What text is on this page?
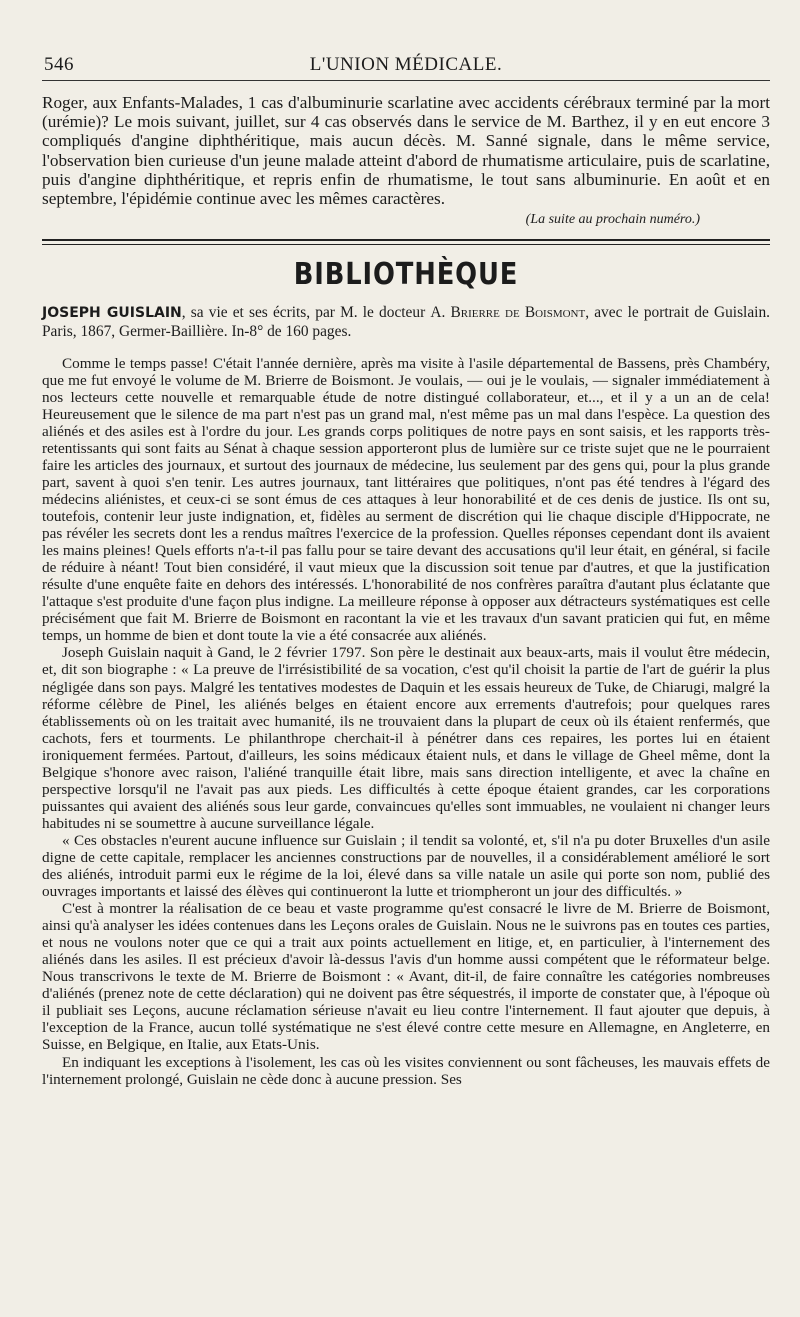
546	L'UNION MÉDICALE.

Roger, aux Enfants-Malades, 1 cas d'albuminurie scarlatine avec accidents cérébraux terminé par la mort (urémie)? Le mois suivant, juillet, sur 4 cas observés dans le service de M. Barthez, il y en eut encore 3 compliqués d'angine diphthéritique, mais aucun décès. M. Sanné signale, dans le même service, l'observation bien curieuse d'un jeune malade atteint d'abord de rhumatisme articulaire, puis de scarlatine, puis d'angine diphthéritique, et repris enfin de rhumatisme, le tout sans albuminurie. En août et en septembre, l'épidémie continue avec les mêmes caractères.

(La suite au prochain numéro.)
BIBLIOTHÈQUE

JOSEPH GUISLAIN, sa vie et ses écrits, par M. le docteur A. Brierre de Boismont, avec le portrait de Guislain. Paris, 1867, Germer-Baillière. In-8° de 160 pages.

Comme le temps passe! C'était l'année dernière, après ma visite à l'asile départemental de Bassens, près Chambéry, que me fut envoyé le volume de M. Brierre de Boismont. Je voulais, — oui je le voulais, — signaler immédiatement à nos lecteurs cette nouvelle et remarquable étude de notre distingué collaborateur, et..., et il y a un an de cela! Heureusement que le silence de ma part n'est pas un grand mal, n'est même pas un mal dans l'espèce. La question des aliénés et des asiles est à l'ordre du jour. Les grands corps politiques de notre pays en sont saisis, et les rapports très-retentissants qui sont faits au Sénat à chaque session apporteront plus de lumière sur ce triste sujet que ne le pourraient faire les articles des journaux, et surtout des journaux de médecine, lus seulement par des gens qui, pour la plus grande part, savent à quoi s'en tenir. Les autres journaux, tant littéraires que politiques, n'ont pas été tendres à l'égard des médecins aliénistes, et ceux-ci se sont émus de ces attaques à leur honorabilité et de ces denis de justice. Ils ont su, toutefois, contenir leur juste indignation, et, fidèles au serment de discrétion qui lie chaque disciple d'Hippocrate, ne pas révéler les secrets dont les a rendus maîtres l'exercice de la profession. Quelles réponses cependant dont ils avaient les mains pleines! Quels efforts n'a-t-il pas fallu pour se taire devant des accusations qu'il leur était, en général, si facile de réduire à néant! Tout bien considéré, il vaut mieux que la discussion soit tenue par d'autres, et que la justification résulte d'une enquête faite en dehors des intéressés. L'honorabilité de nos confrères paraîtra d'autant plus éclatante que l'attaque s'est produite d'une façon plus indigne. La meilleure réponse à opposer aux détracteurs systématiques est celle précisément que fait M. Brierre de Boismont en racontant la vie et les travaux d'un savant praticien qui fut, en même temps, un homme de bien et dont toute la vie a été consacrée aux aliénés.

Joseph Guislain naquit à Gand, le 2 février 1797. Son père le destinait aux beaux-arts, mais il voulut être médecin, et, dit son biographe : « La preuve de l'irrésistibilité de sa vocation, c'est qu'il choisit la partie de l'art de guérir la plus négligée dans son pays. Malgré les tentatives modestes de Daquin et les essais heureux de Tuke, de Chiarugi, malgré la réforme célèbre de Pinel, les aliénés belges en étaient encore aux errements d'autrefois; pour quelques rares établissements où on les traitait avec humanité, ils ne trouvaient dans la plupart de ceux où ils étaient renfermés, que cachots, fers et tourments. Le philanthrope cherchait-il à pénétrer dans ces repaires, les portes lui en étaient ironiquement fermées. Partout, d'ailleurs, les soins médicaux étaient nuls, et dans le village de Gheel même, dont la Belgique s'honore avec raison, l'aliéné tranquille était libre, mais sans direction intelligente, et avec la chaîne en perspective lorsqu'il ne l'avait pas aux pieds. Les difficultés à cette époque étaient grandes, car les corporations puissantes qui avaient des aliénés sous leur garde, convaincues qu'elles sont immuables, ne voulaient ni changer leurs habitudes ni se soumettre à aucune surveillance légale.

« Ces obstacles n'eurent aucune influence sur Guislain ; il tendit sa volonté, et, s'il n'a pu doter Bruxelles d'un asile digne de cette capitale, remplacer les anciennes constructions par de nouvelles, il a considérablement amélioré le sort des aliénés, introduit parmi eux le régime de la loi, élevé dans sa ville natale un asile qui porte son nom, publié des ouvrages importants et laissé des élèves qui continueront la lutte et triompheront un jour des difficultés. »

C'est à montrer la réalisation de ce beau et vaste programme qu'est consacré le livre de M. Brierre de Boismont, ainsi qu'à analyser les idées contenues dans les Leçons orales de Guislain. Nous ne le suivrons pas en toutes ces parties, et nous ne voulons noter que ce qui a trait aux points actuellement en litige, et, en particulier, à l'internement des aliénés dans les asiles. Il est précieux d'avoir là-dessus l'avis d'un homme aussi compétent que le réformateur belge. Nous transcrivons le texte de M. Brierre de Boismont : « Avant, dit-il, de faire connaître les catégories nombreuses d'aliénés (prenez note de cette déclaration) qui ne doivent pas être séquestrés, il importe de constater que, à l'époque où il publiait ses Leçons, aucune réclamation sérieuse n'avait eu lieu contre l'internement. Il faut ajouter que depuis, à l'exception de la France, aucun tollé systématique ne s'est élevé contre cette mesure en Allemagne, en Angleterre, en Suisse, en Belgique, en Italie, aux Etats-Unis.

En indiquant les exceptions à l'isolement, les cas où les visites conviennent ou sont fâcheuses, les mauvais effets de l'internement prolongé, Guislain ne cède donc à aucune pression. Ses
